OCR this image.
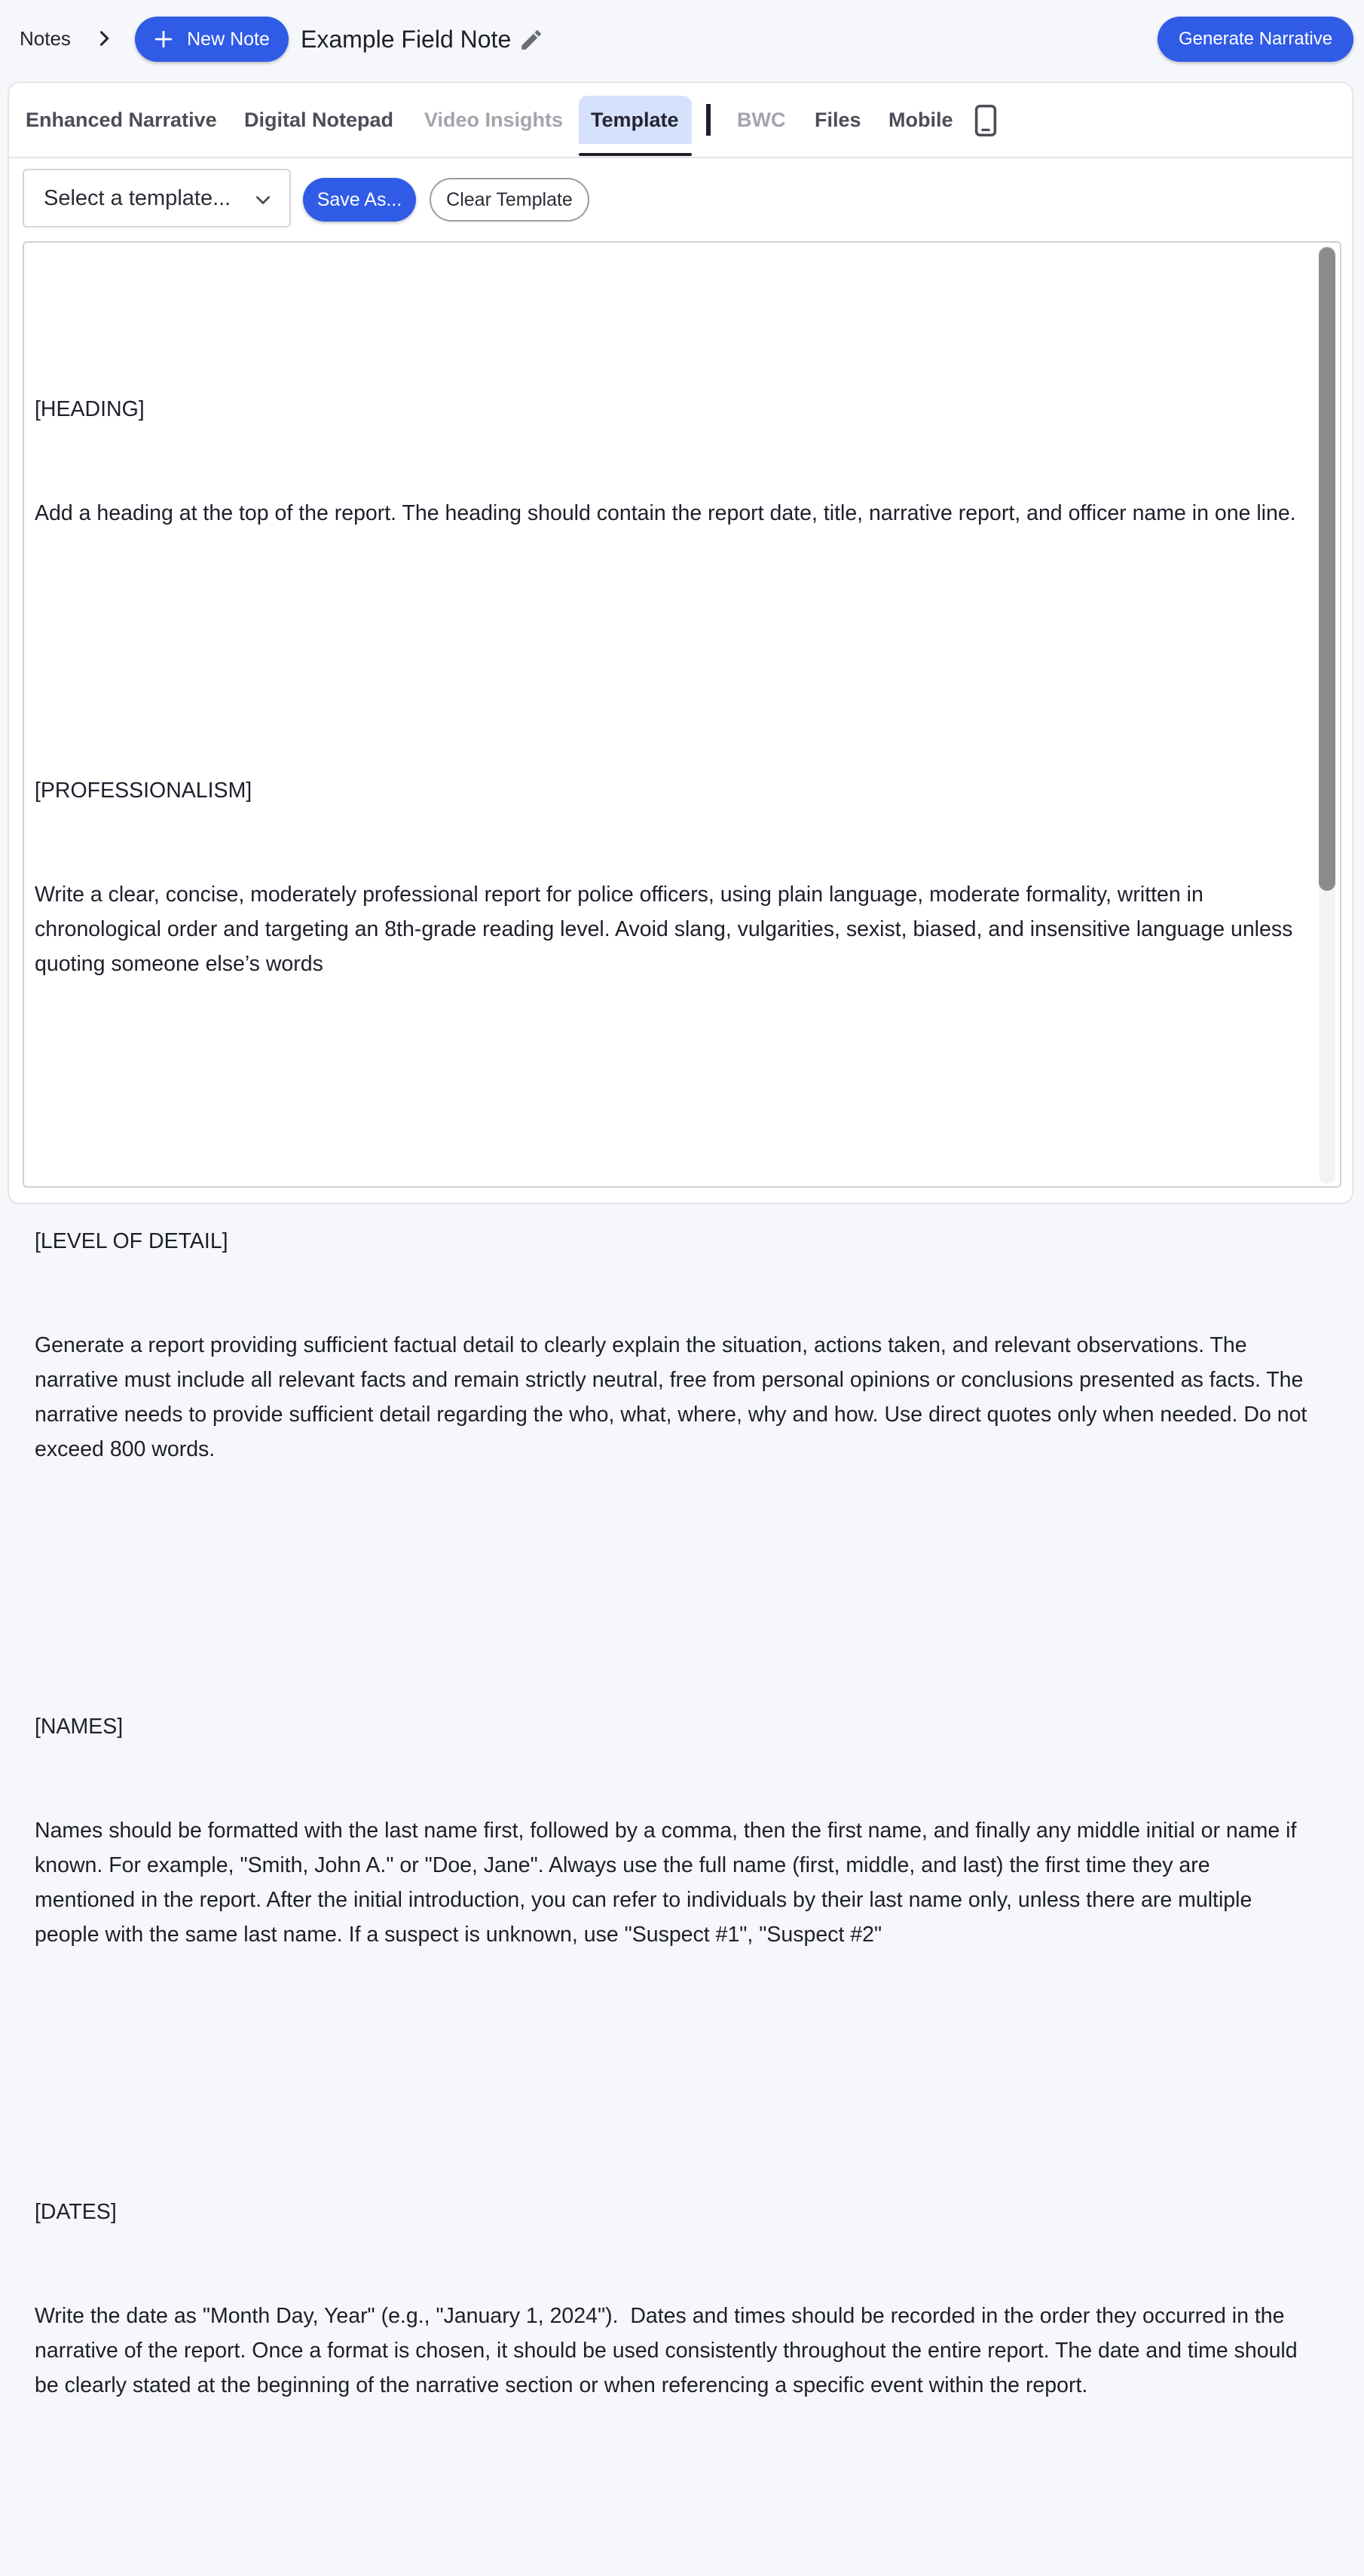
Notes	New Note Example Field Note	Generate Narrative
Enhanced Narrative Digital Notepad Video Insights	Template	BWC Files Mobile
Select a template...	Save As...	Clear Template

[HEADING]

Add a heading at the top of the report. The heading should contain the report date, title, narrative report, and officer name in one line.

[PROFESSIONALISM]

Write a clear, concise, moderately professional report for police officers, using plain language, moderate formality, written in chronological order and targeting an 8th-grade reading level. Avoid slang, vulgarities, sexist, biased, and insensitive language unless quoting someone else’s words

[LEVEL OF DETAIL]

Generate a report providing sufficient factual detail to clearly explain the situation, actions taken, and relevant observations. The narrative must include all relevant facts and remain strictly neutral, free from personal opinions or conclusions presented as facts. The narrative needs to provide sufficient detail regarding the who, what, where, why and how. Use direct quotes only when needed. Do not exceed 800 words.

[NAMES]

Names should be formatted with the last name first, followed by a comma, then the first name, and finally any middle initial or name if known. For example, "Smith, John A." or "Doe, Jane". Always use the full name (first, middle, and last) the first time they are mentioned in the report. After the initial introduction, you can refer to individuals by their last name only, unless there are multiple people with the same last name. If a suspect is unknown, use "Suspect #1", "Suspect #2"

[DATES]

Write the date as "Month Day, Year" (e.g., "January 1, 2024").  Dates and times should be recorded in the order they occurred in the narrative of the report. Once a format is chosen, it should be used consistently throughout the entire report. The date and time should be clearly stated at the beginning of the narrative section or when referencing a specific event within the report.
